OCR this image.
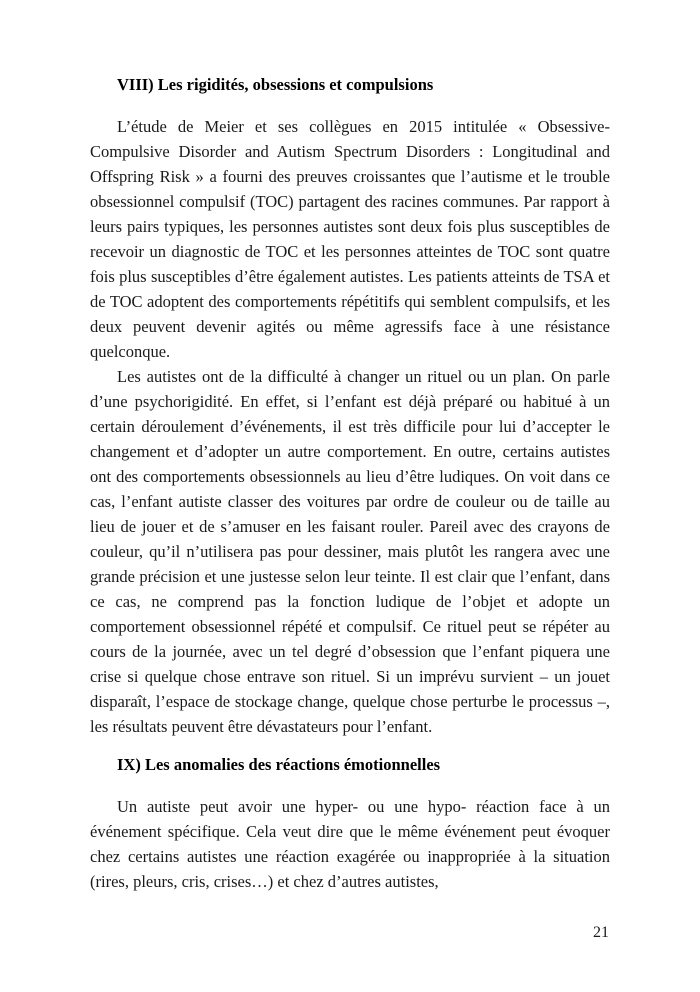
VIII) Les rigidités, obsessions et compulsions

L’étude de Meier et ses collègues en 2015 intitulée « Obsessive-Compulsive Disorder and Autism Spectrum Disorders : Longitudinal and Offspring Risk » a fourni des preuves croissantes que l’autisme et le trouble obsessionnel compulsif (TOC) partagent des racines communes. Par rapport à leurs pairs typiques, les personnes autistes sont deux fois plus susceptibles de recevoir un diagnostic de TOC et les personnes atteintes de TOC sont quatre fois plus susceptibles d’être également autistes. Les patients atteints de TSA et de TOC adoptent des comportements répétitifs qui semblent compulsifs, et les deux peuvent devenir agités ou même agressifs face à une résistance quelconque.

Les autistes ont de la difficulté à changer un rituel ou un plan. On parle d’une psychorigidité. En effet, si l’enfant est déjà préparé ou habitué à un certain déroulement d’événements, il est très difficile pour lui d’accepter le changement et d’adopter un autre comportement. En outre, certains autistes ont des comportements obsessionnels au lieu d’être ludiques. On voit dans ce cas, l’enfant autiste classer des voitures par ordre de couleur ou de taille au lieu de jouer et de s’amuser en les faisant rouler. Pareil avec des crayons de couleur, qu’il n’utilisera pas pour dessiner, mais plutôt les rangera avec une grande précision et une justesse selon leur teinte. Il est clair que l’enfant, dans ce cas, ne comprend pas la fonction ludique de l’objet et adopte un comportement obsessionnel répété et compulsif. Ce rituel peut se répéter au cours de la journée, avec un tel degré d’obsession que l’enfant piquera une crise si quelque chose entrave son rituel. Si un imprévu survient – un jouet disparaît, l’espace de stockage change, quelque chose perturbe le processus –, les résultats peuvent être dévastateurs pour l’enfant.

IX) Les anomalies des réactions émotionnelles

Un autiste peut avoir une hyper- ou une hypo- réaction face à un événement spécifique. Cela veut dire que le même événement peut évoquer chez certains autistes une réaction exagérée ou inappropriée à la situation (rires, pleurs, cris, crises…) et chez d’autres autistes,

21
